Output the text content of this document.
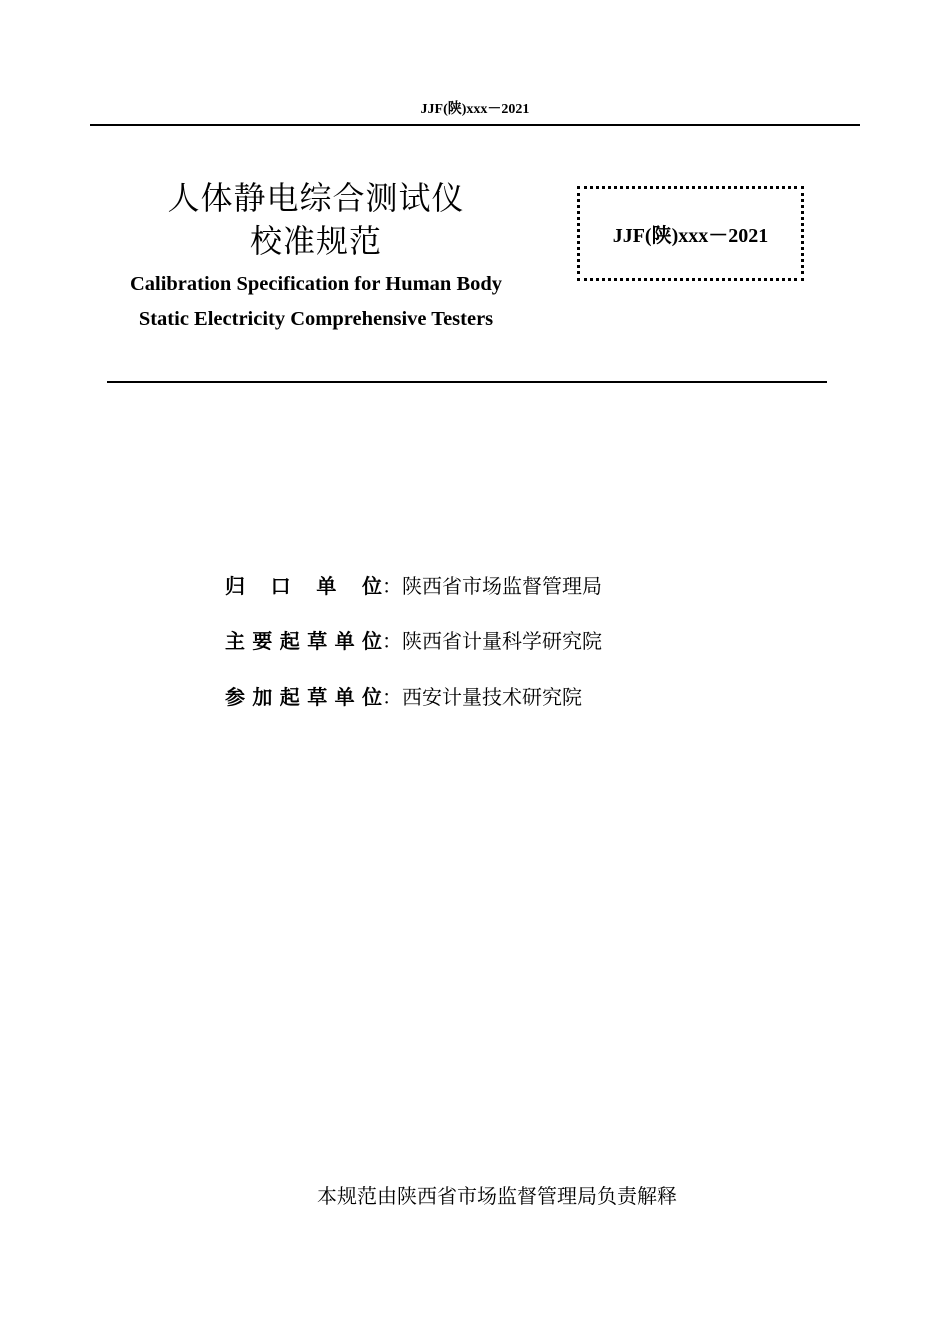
JJF(陕)xxx－2021
人体静电综合测试仪
校准规范
Calibration Specification for Human Body
Static Electricity Comprehensive Testers
JJF(陕)xxx－2021
归 口 单 位：陕西省市场监督管理局
主要起草单位：陕西省计量科学研究院
参加起草单位：西安计量技术研究院
本规范由陕西省市场监督管理局负责解释
